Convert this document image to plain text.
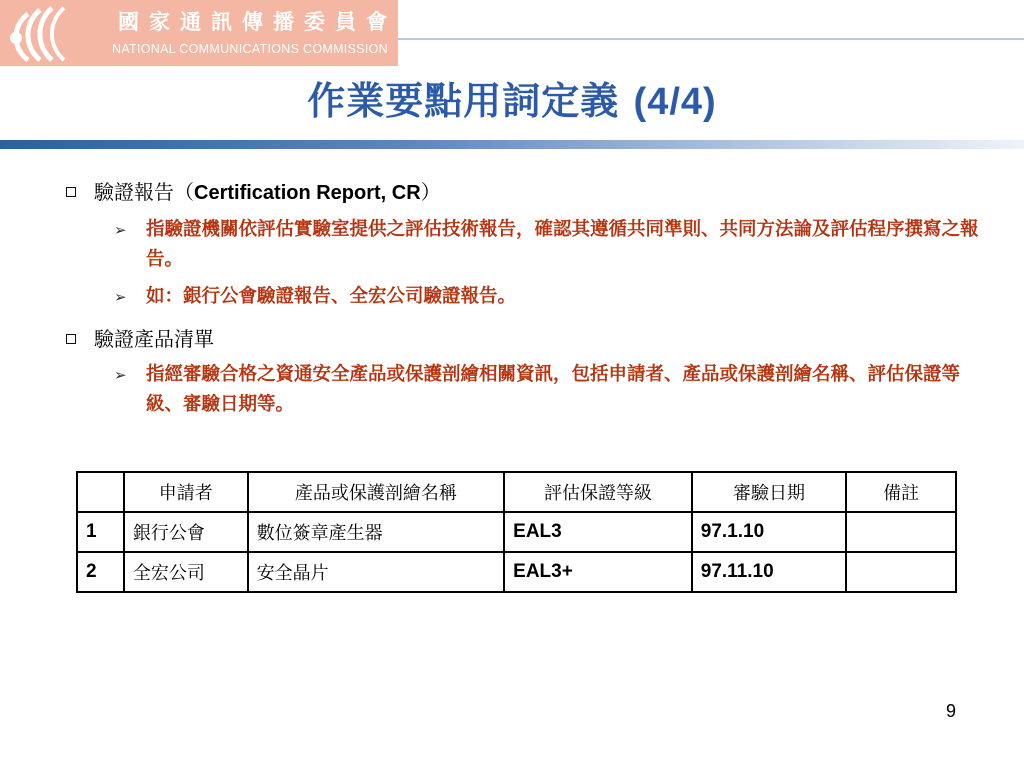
國家通訊傳播委員會
NATIONAL COMMUNICATIONS COMMISSION
作業要點用詞定義 (4/4)
驗證報告（Certification Report, CR）
➢ 指驗證機關依評估實驗室提供之評估技術報告，確認其遵循共同準則、共同方法論及評估程序撰寫之報告。
➢ 如：銀行公會驗證報告、全宏公司驗證報告。
驗證產品清單
➢ 指經審驗合格之資通安全產品或保護剖繪相關資訊，包括申請者、產品或保護剖繪名稱、評估保證等級、審驗日期等。
	申請者	產品或保護剖繪名稱	評估保證等級	審驗日期	備註
1	銀行公會	數位簽章產生器	EAL3	97.1.10	
2	全宏公司	安全晶片	EAL3+	97.11.10	
9
